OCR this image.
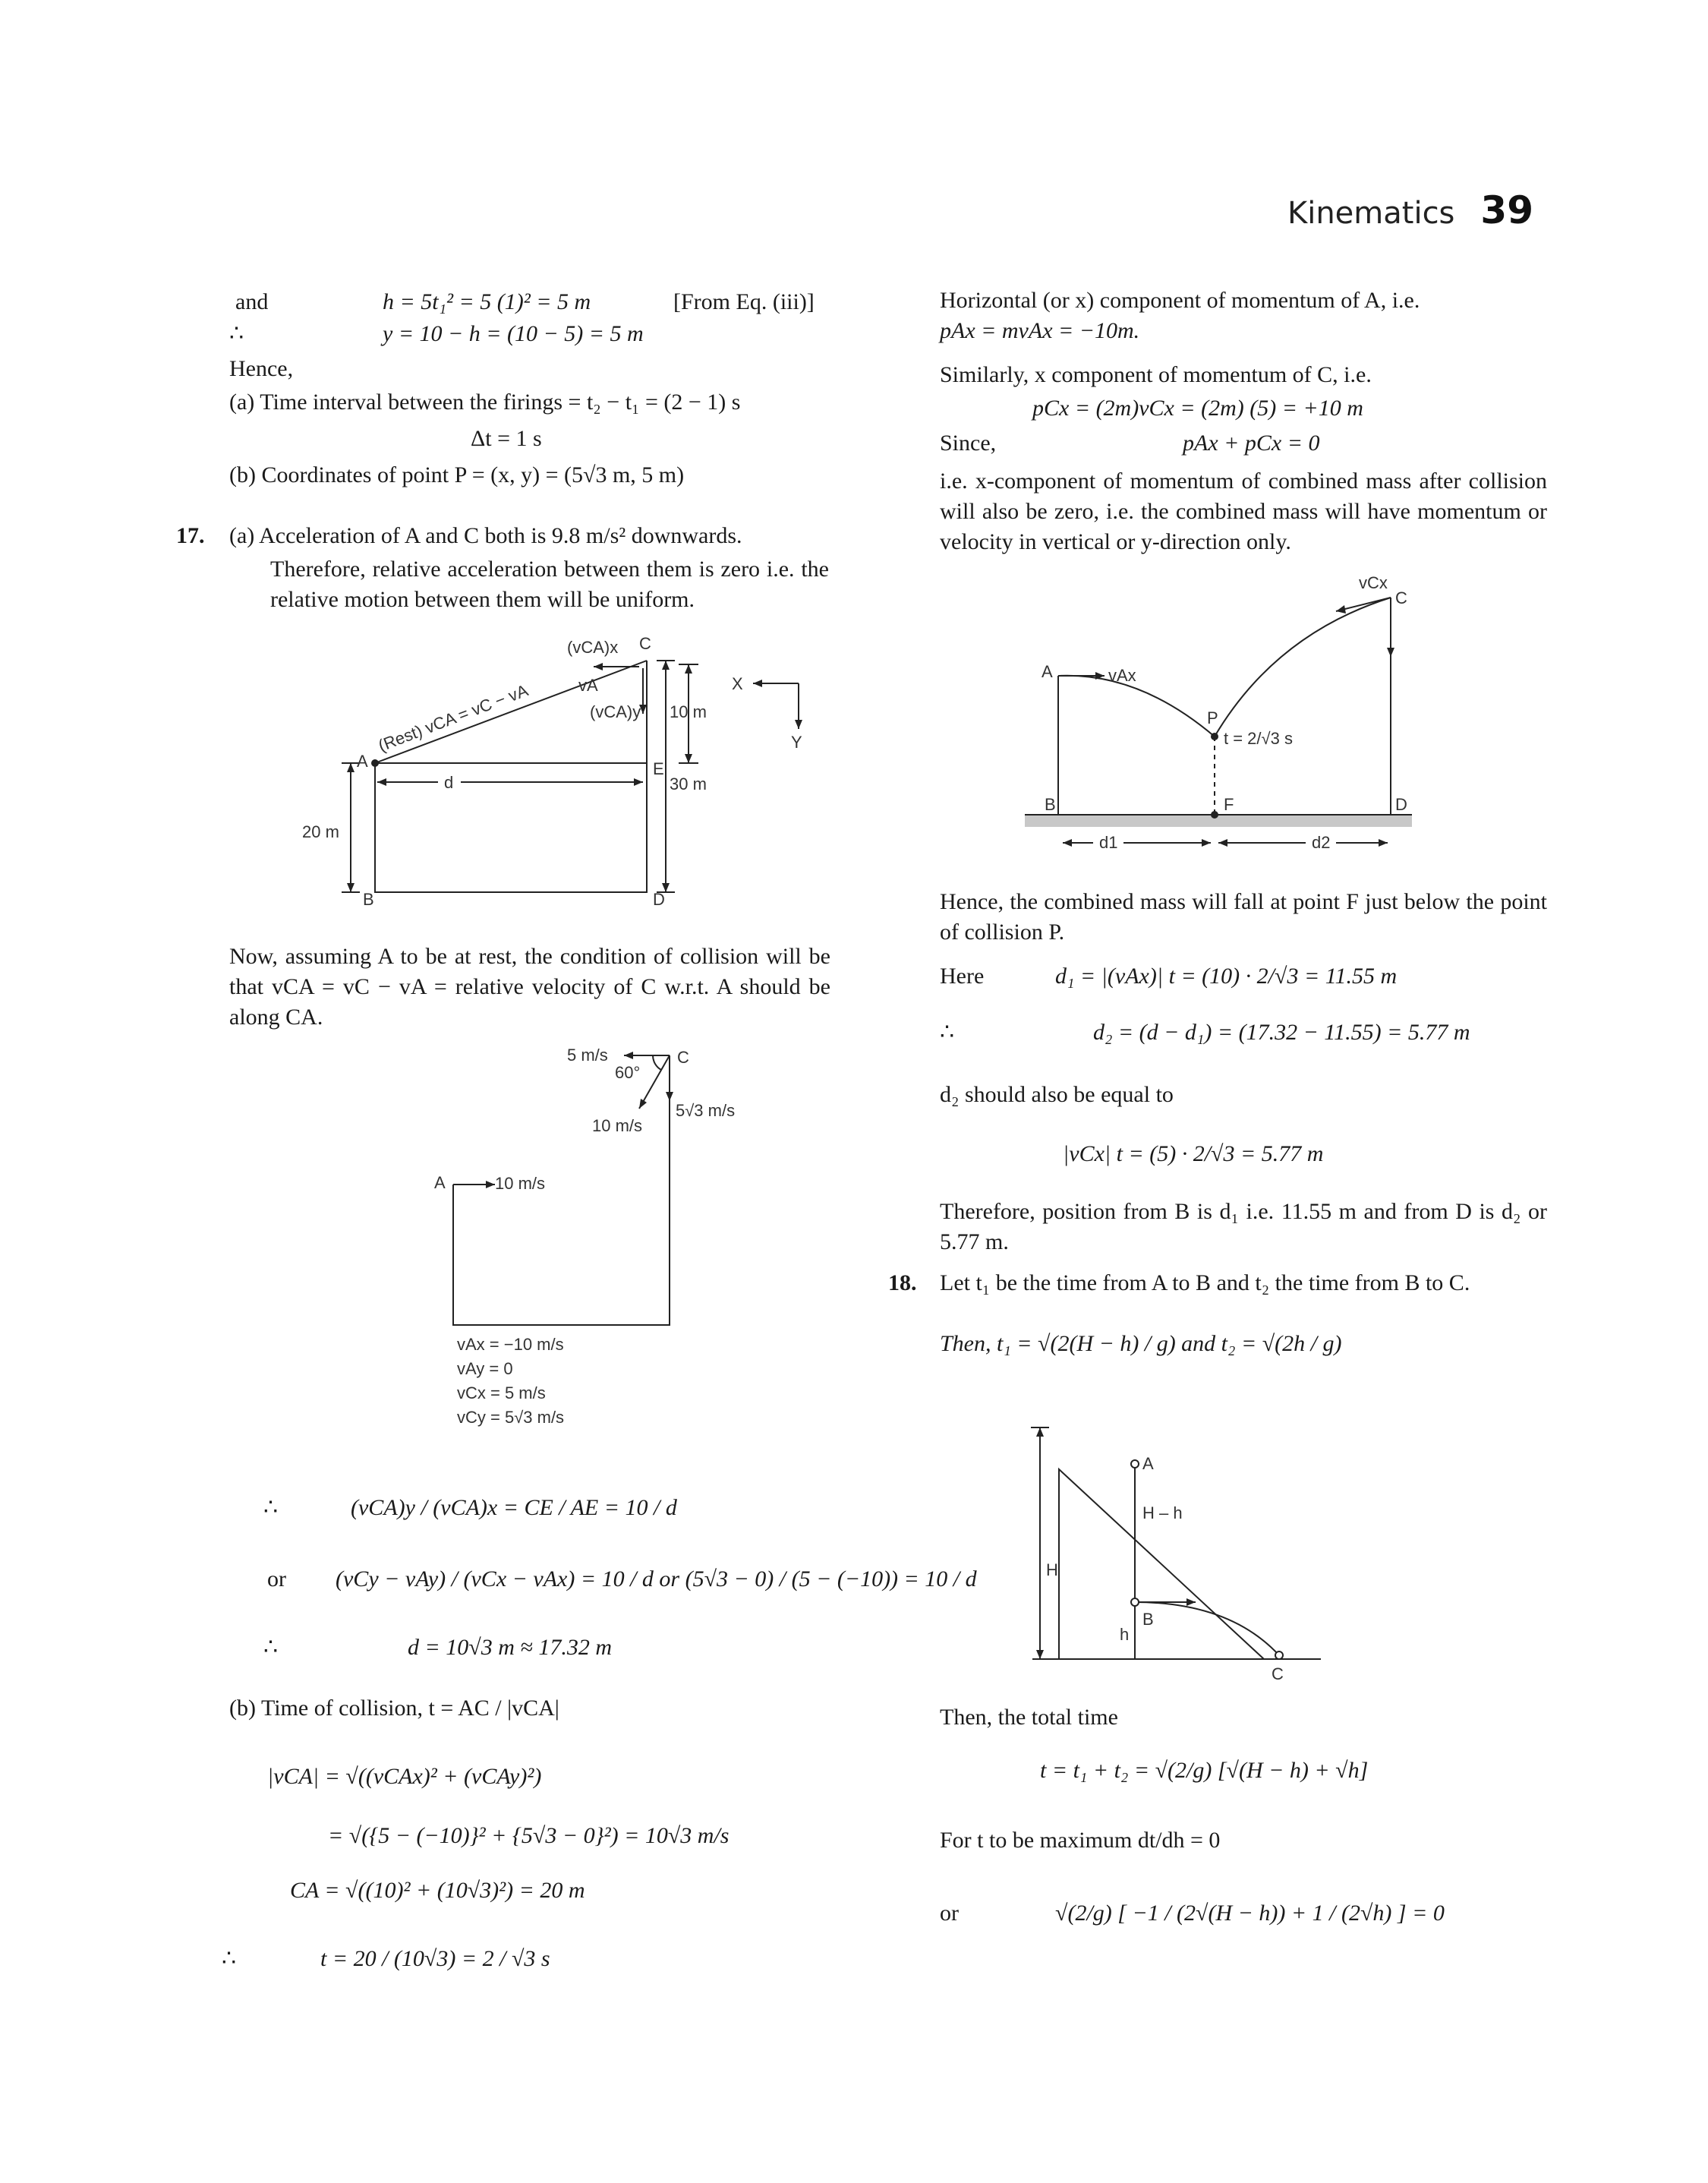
Kinematics 39
and	h = 5t₁² = 5 (1)² = 5 m	[From Eq. (iii)]
∴	y = 10 − h = (10 − 5) = 5 m
Hence,
(a) Time interval between the firings = t₂ − t₁ = (2 − 1) s
Δt = 1 s
(b) Coordinates of point P = (x, y) = (5√3 m, 5 m)
17. (a) Acceleration of A and C both is 9.8 m/s² downwards.
Therefore, relative acceleration between them is zero i.e. the relative motion between them will be uniform.
(vCA)x C
vA
(Rest) vCA = vC − vA	(vCA)y 10 m
X
Y
A	E
30 m
d
20 m
B	D
Now, assuming A to be at rest, the condition of collision will be that vCA = vC − vA = relative velocity of C w.r.t. A should be along CA.
5 m/s	C
60°
10 m/s
5√3 m/s
A	10 m/s
vAx = −10 m/s
vAy = 0
vCx = 5 m/s
vCy = 5√3 m/s
∴	(vCA)y / (vCA)x = CE / AE = 10 / d
or (vCy − vAy) / (vCx − vAx) = 10 / d or (5√3 − 0) / (5 − (−10)) = 10 / d
∴	d = 10√3 m ≈ 17.32 m
(b) Time of collision, t = AC / |vCA|
|vCA| = √((vCAx)² + (vCAy)²)
= √({5 − (−10)}² + {5√3 − 0}²) = 10√3 m/s
CA = √((10)² + (10√3)²) = 20 m
∴	t = 20 / (10√3) = 2 / √3 s
Horizontal (or x) component of momentum of A, i.e.
pAx = mvAx = −10m.
Similarly, x component of momentum of C, i.e.
pCx = (2m)vCx = (2m) (5) = +10 m
Since,	pAx + pCx = 0
i.e. x-component of momentum of combined mass after collision will also be zero, i.e. the combined mass will have momentum or velocity in vertical or y-direction only.
vCx
C
A	vAx
P
t = 2/√3 s
B	F	D
d1	d2
Hence, the combined mass will fall at point F just below the point of collision P.
Here	d₁ = |(vAx)| t = (10) · 2/√3 = 11.55 m
∴	d₂ = (d − d₁) = (17.32 − 11.55) = 5.77 m
d₂ should also be equal to
|vCx| t = (5) · 2/√3 = 5.77 m
Therefore, position from B is d₁ i.e. 11.55 m and from D is d₂ or 5.77 m.
18. Let t₁ be the time from A to B and t₂ the time from B to C.
Then, t₁ = √(2(H − h) / g) and t₂ = √(2h / g)
A
H – h
H
B
h
C
Then, the total time
t = t₁ + t₂ = √(2/g) [√(H − h) + √h]
For t to be maximum dt/dh = 0
or	√(2/g) [ −1 / (2√(H − h)) + 1 / (2√h) ] = 0
